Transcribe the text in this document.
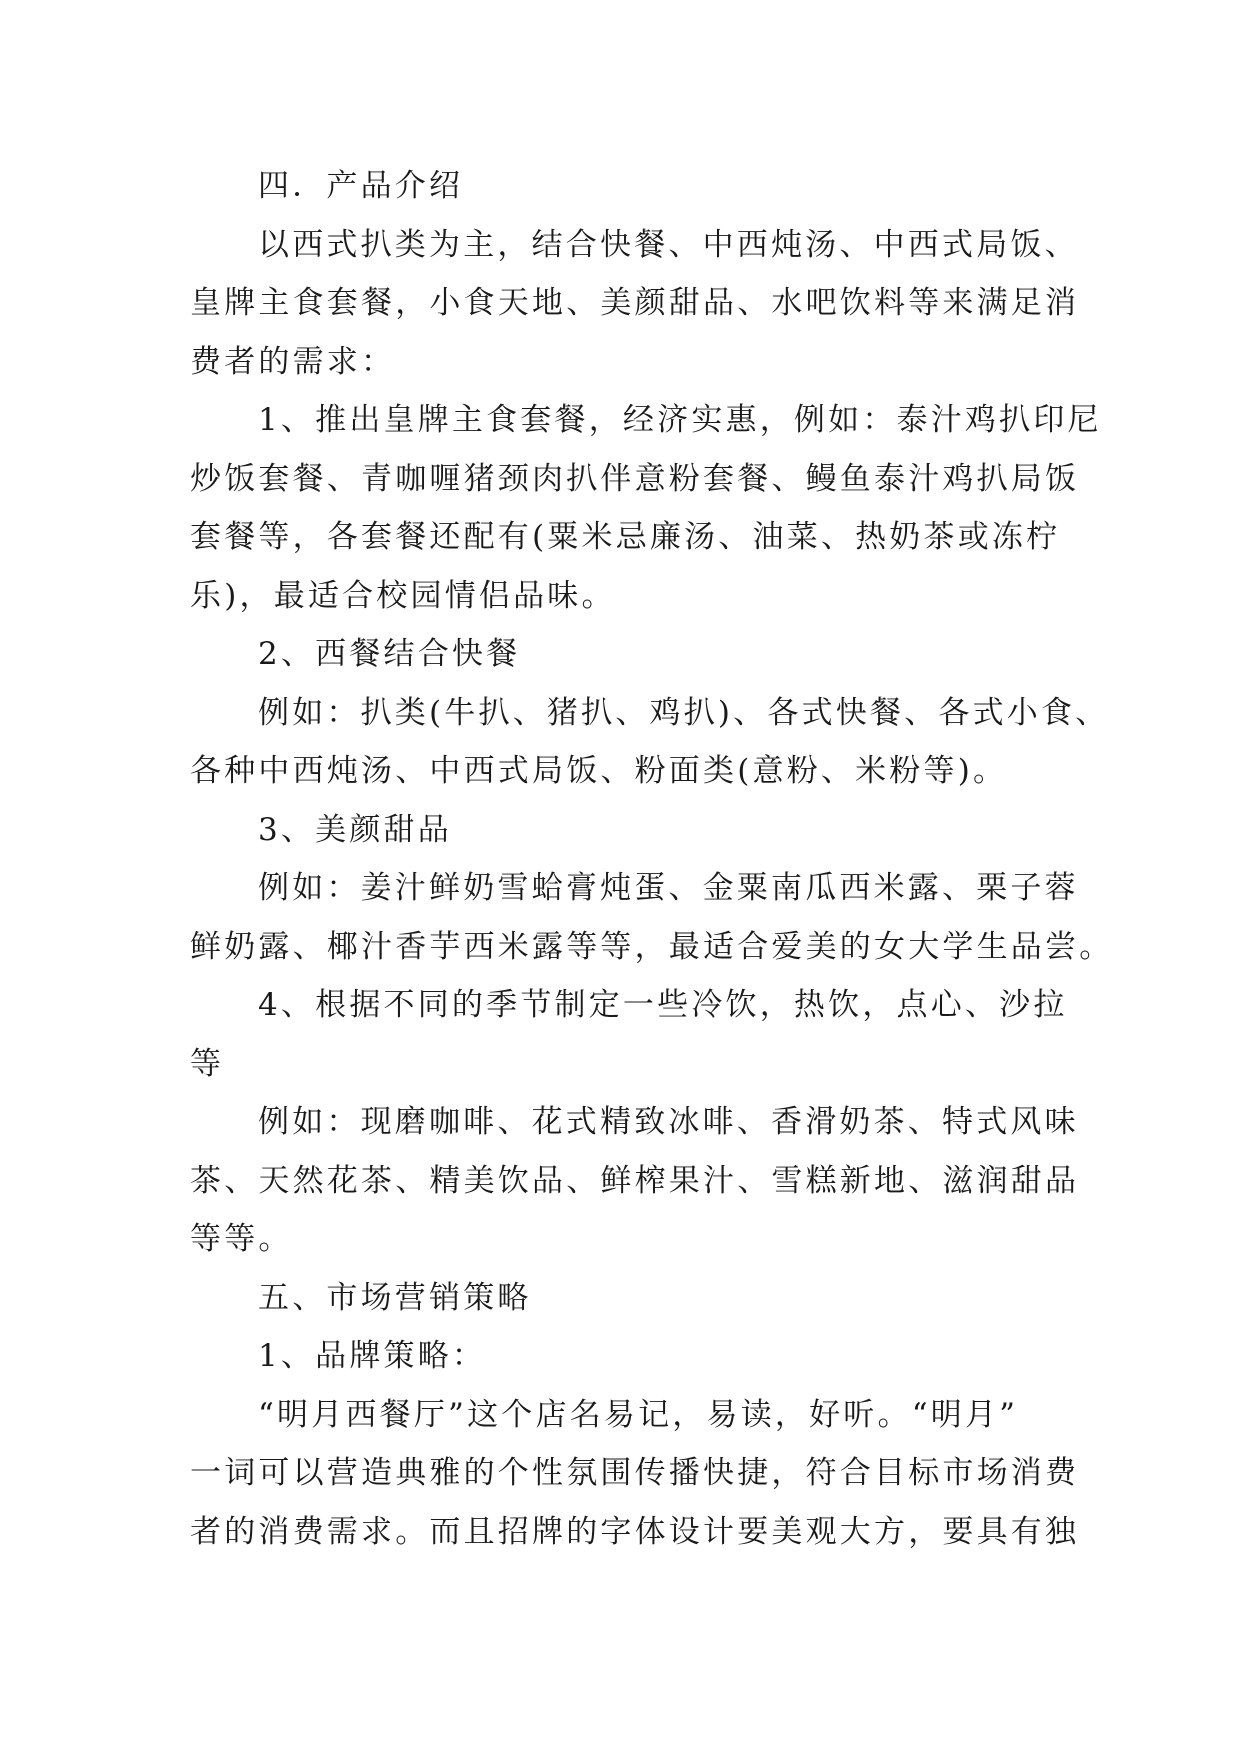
四．产品介绍

以西式扒类为主，结合快餐、中西炖汤、中西式局饭、

皇牌主食套餐，小食天地、美颜甜品、水吧饮料等来满足消

费者的需求：

1、推出皇牌主食套餐，经济实惠，例如：泰汁鸡扒印尼

炒饭套餐、青咖喱猪颈肉扒伴意粉套餐、鳗鱼泰汁鸡扒局饭

套餐等，各套餐还配有(粟米忌廉汤、油菜、热奶茶或冻柠

乐)，最适合校园情侣品味。

2、西餐结合快餐

例如：扒类(牛扒、猪扒、鸡扒)、各式快餐、各式小食、

各种中西炖汤、中西式局饭、粉面类(意粉、米粉等)。

3、美颜甜品

例如：姜汁鲜奶雪蛤膏炖蛋、金粟南瓜西米露、栗子蓉

鲜奶露、椰汁香芋西米露等等，最适合爱美的女大学生品尝。

4、根据不同的季节制定一些冷饮，热饮，点心、沙拉

等

例如：现磨咖啡、花式精致冰啡、香滑奶茶、特式风味

茶、天然花茶、精美饮品、鲜榨果汁、雪糕新地、滋润甜品

等等。

五、市场营销策略

1、品牌策略：

“明月西餐厅”这个店名易记，易读，好听。“明月”

一词可以营造典雅的个性氛围传播快捷，符合目标市场消费

者的消费需求。而且招牌的字体设计要美观大方，要具有独
